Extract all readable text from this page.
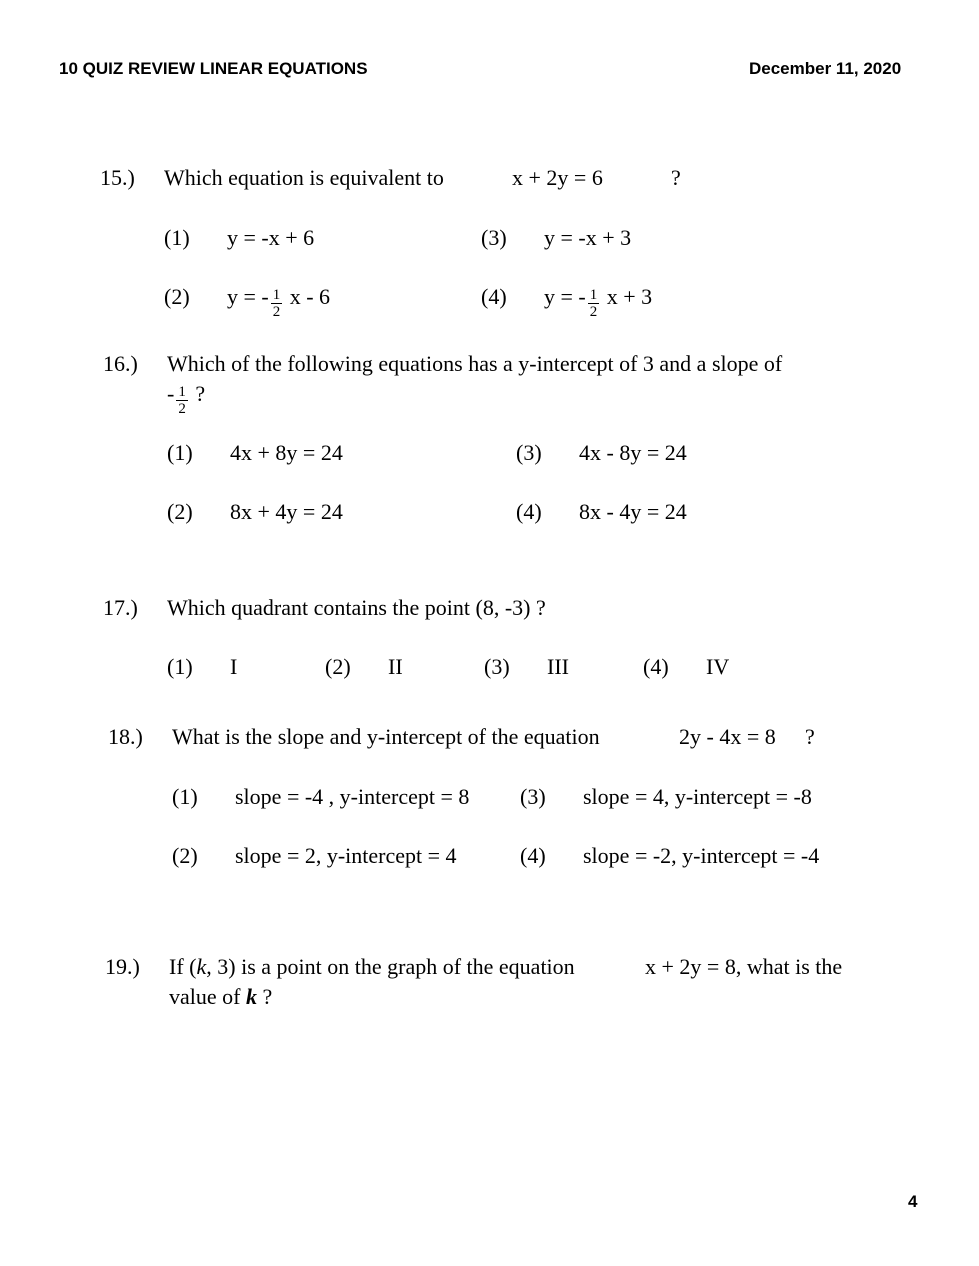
10 QUIZ REVIEW LINEAR EQUATIONS	December 11, 2020
15.) Which equation is equivalent to	x + 2y = 6	?
(1) y = -x + 6	(3) y = -x + 3
(2) y = - $\frac{1}{2}$ x - 6	(4) y = - $\frac{1}{2}$ x + 3
16.) Which of the following equations has a y-intercept of 3 and a slope of
- $\frac{1}{2}$ ?
(1) 4x + 8y = 24	(3) 4x - 8y = 24
(2) 8x + 4y = 24	(4) 8x - 4y = 24
17.) Which quadrant contains the point (8, -3) ?
(1) I	(2) II	(3) III	(4) IV
18.) What is the slope and y-intercept of the equation	2y - 4x = 8 ?
(1) slope = -4 , y-intercept = 8 (3) slope = 4, y-intercept = -8
(2) slope = 2, y-intercept = 4	(4) slope = -2, y-intercept = -4
19.) If (k, 3) is a point on the graph of the equation	x + 2y = 8, what is the
value of k ?
4
